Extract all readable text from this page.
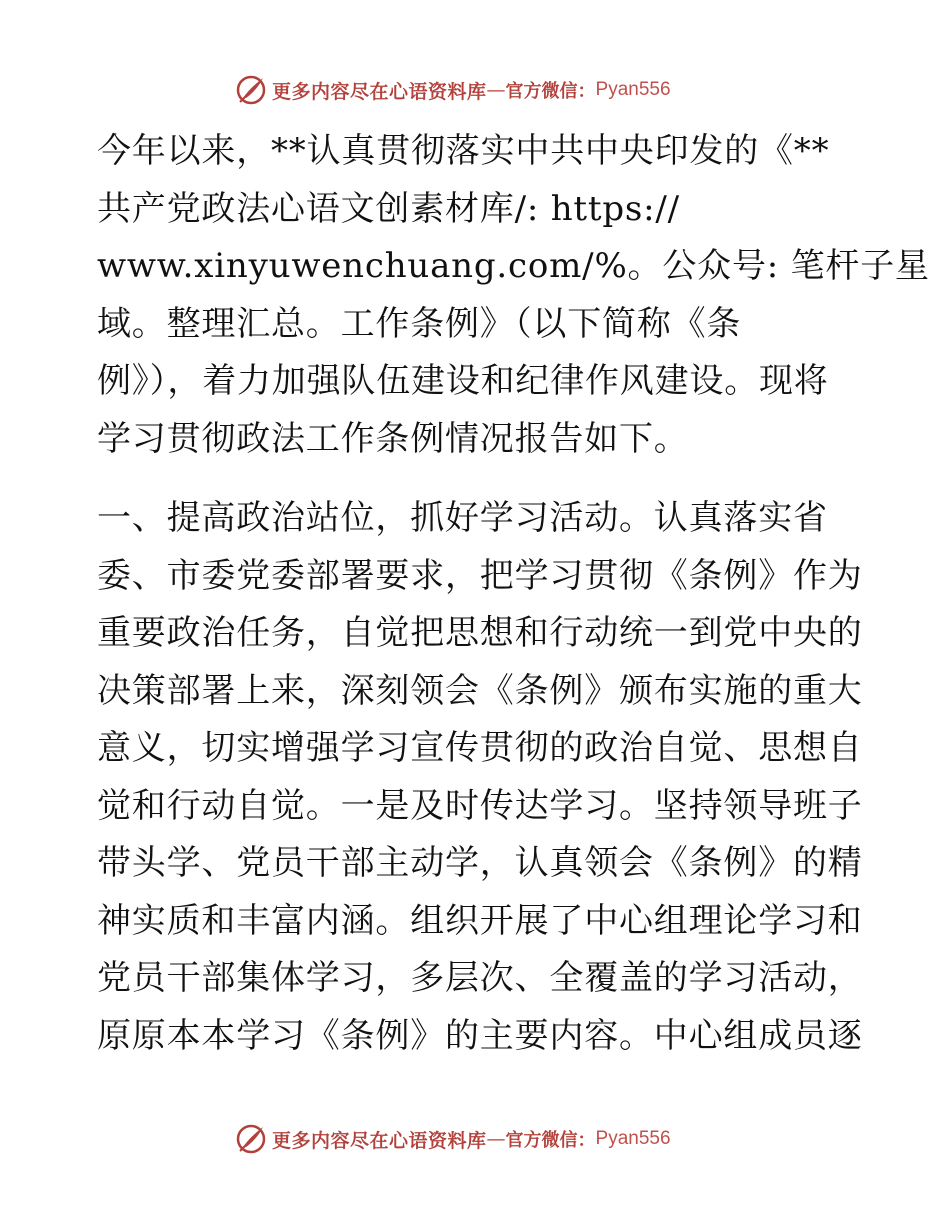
更多内容尽在心语资料库 — 官方微信： Pyan556
今年以来，**认真贯彻落实中共中央印发的《**
共产党政法心语文创素材库/: https://
www.xinyuwenchuang.com/%。公众号: 笔杆子星
域。整理汇总。工作条例》（以下简称《条
例》），着力加强队伍建设和纪律作风建设。现将
学习贯彻政法工作条例情况报告如下。
一、提高政治站位，抓好学习活动。认真落实省
委、市委党委部署要求，把学习贯彻《条例》作为
重要政治任务，自觉把思想和行动统一到党中央的
决策部署上来，深刻领会《条例》颁布实施的重大
意义，切实增强学习宣传贯彻的政治自觉、思想自
觉和行动自觉。一是及时传达学习。坚持领导班子
带头学、党员干部主动学，认真领会《条例》的精
神实质和丰富内涵。组织开展了中心组理论学习和
党员干部集体学习，多层次、全覆盖的学习活动，
原原本本学习《条例》的主要内容。中心组成员逐
更多内容尽在心语资料库 — 官方微信： Pyan556
